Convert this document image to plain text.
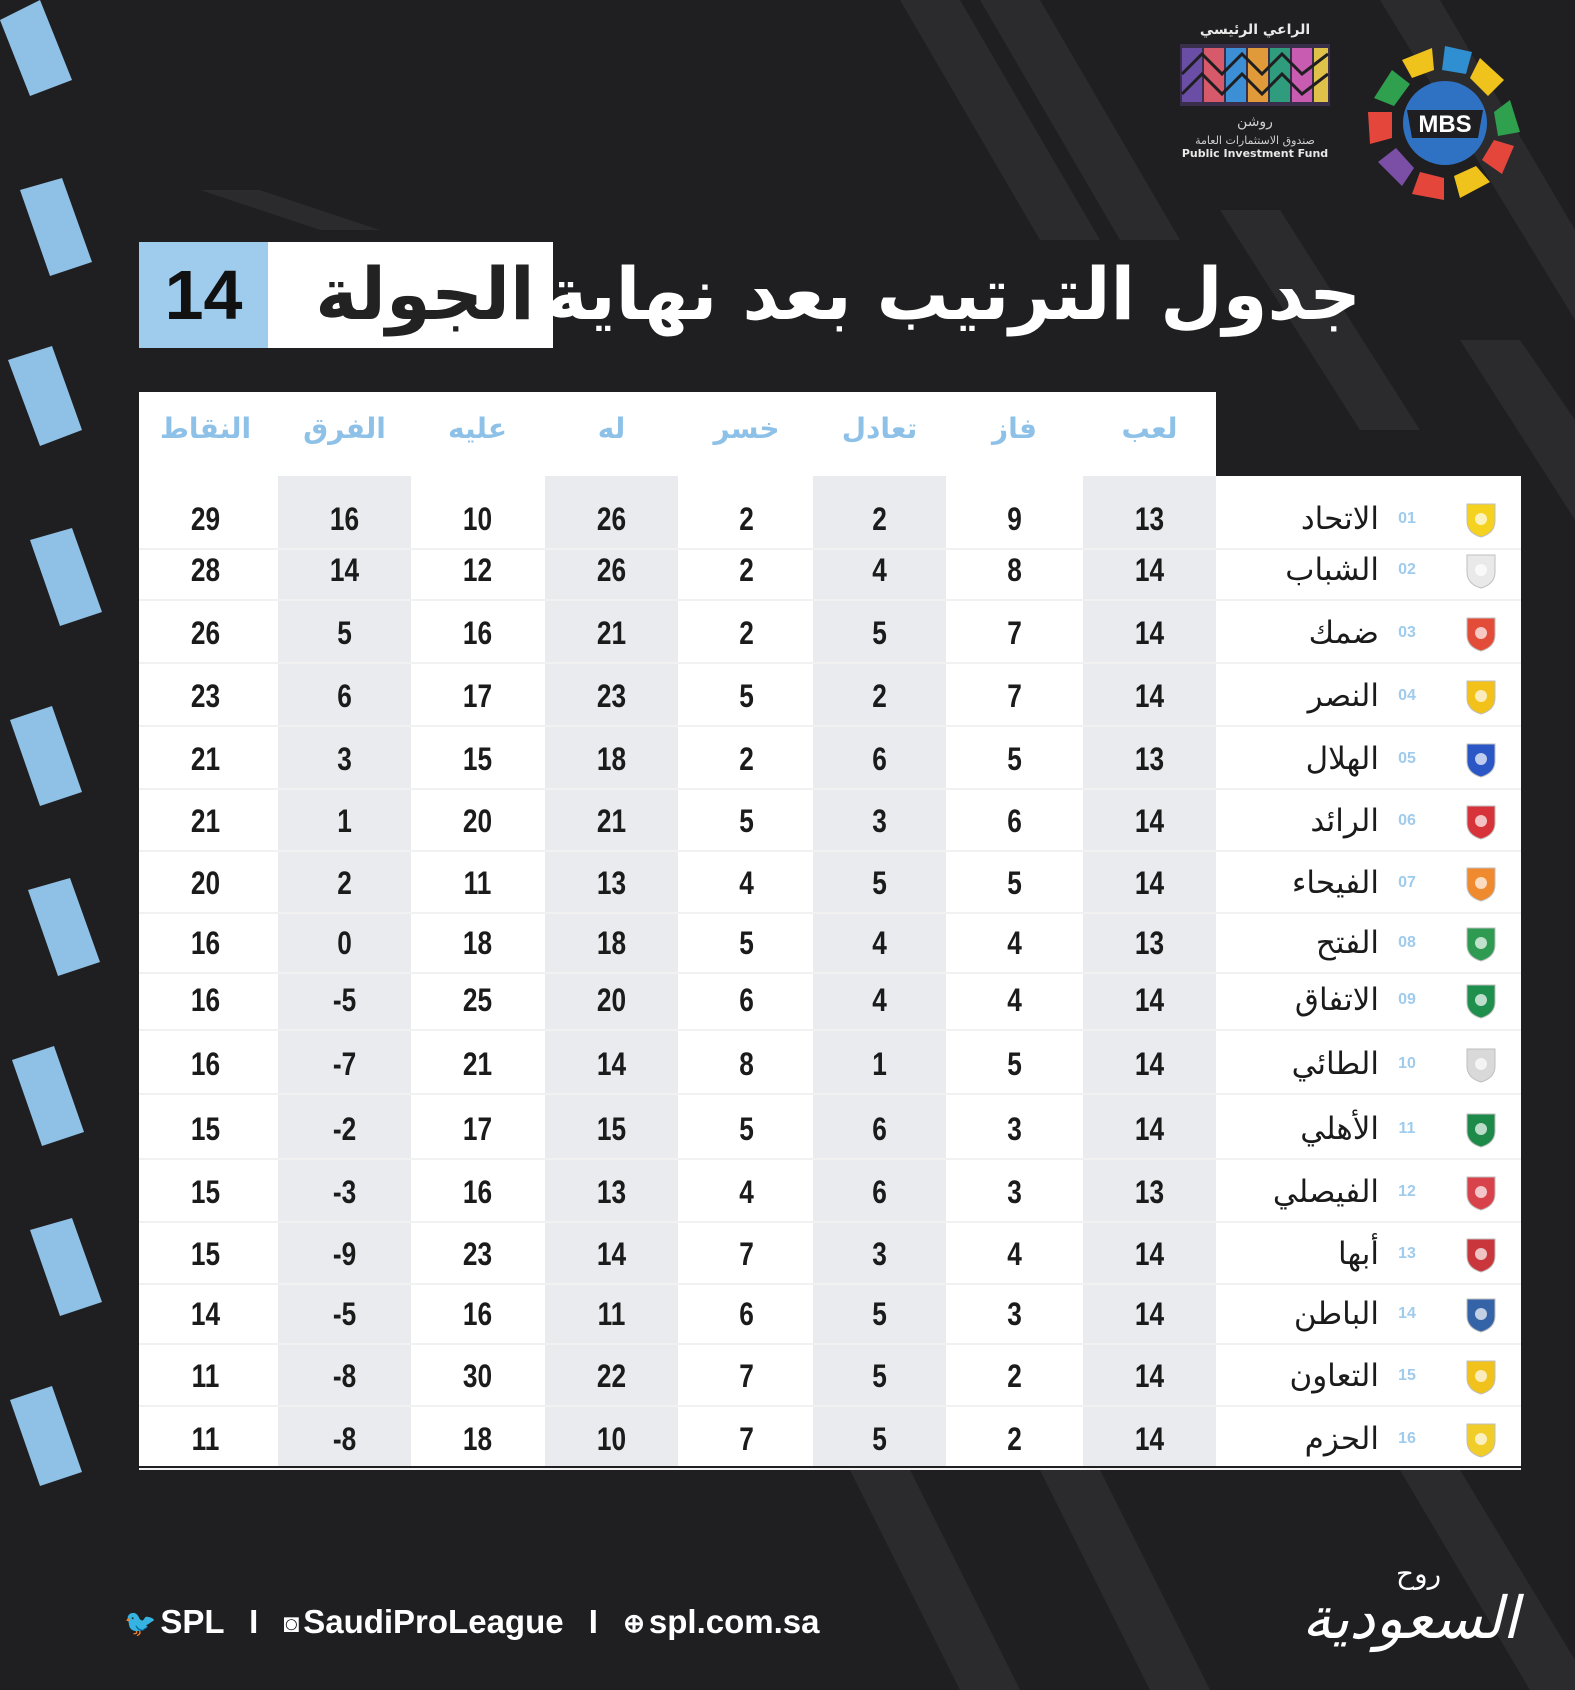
الراعي الرئيسي
روشن
صندوق الاستثمارات العامة
Public Investment Fund
MBS
14	جدول الترتيب بعد نهاية
الجولة
النقاط	الفرق	عليه	له	خسر	تعادل	فاز	لعب
29	16	10	26	2	2	9	13	الاتحاد	01
28	14	12	26	2	4	8	14	الشباب	02
26	5	16	21	2	5	7	14	ضمك	03
23	6	17	23	5	2	7	14	النصر	04
21	3	15	18	2	6	5	13	الهلال	05
21	1	20	21	5	3	6	14	الرائد	06
20	2	11	13	4	5	5	14	الفيحاء	07
16	0	18	18	5	4	4	13	الفتح	08
16	-5	25	20	6	4	4	14	الاتفاق	09
16	-7	21	14	8	1	5	14	الطائي	10
15	-2	17	15	5	6	3	14	الأهلي	11
15	-3	16	13	4	6	3	13	الفيصلي	12
15	-9	23	14	7	3	4	14	أبها	13
14	-5	16	11	6	5	3	14	الباطن	14
11	-8	30	22	7	5	2	14	التعاون	15
11	-8	18	10	7	5	2	14	الحزم	16
🐦 SPL I ◙ SaudiProLeague I ⊕ spl.com.sa
روح
السعودية
